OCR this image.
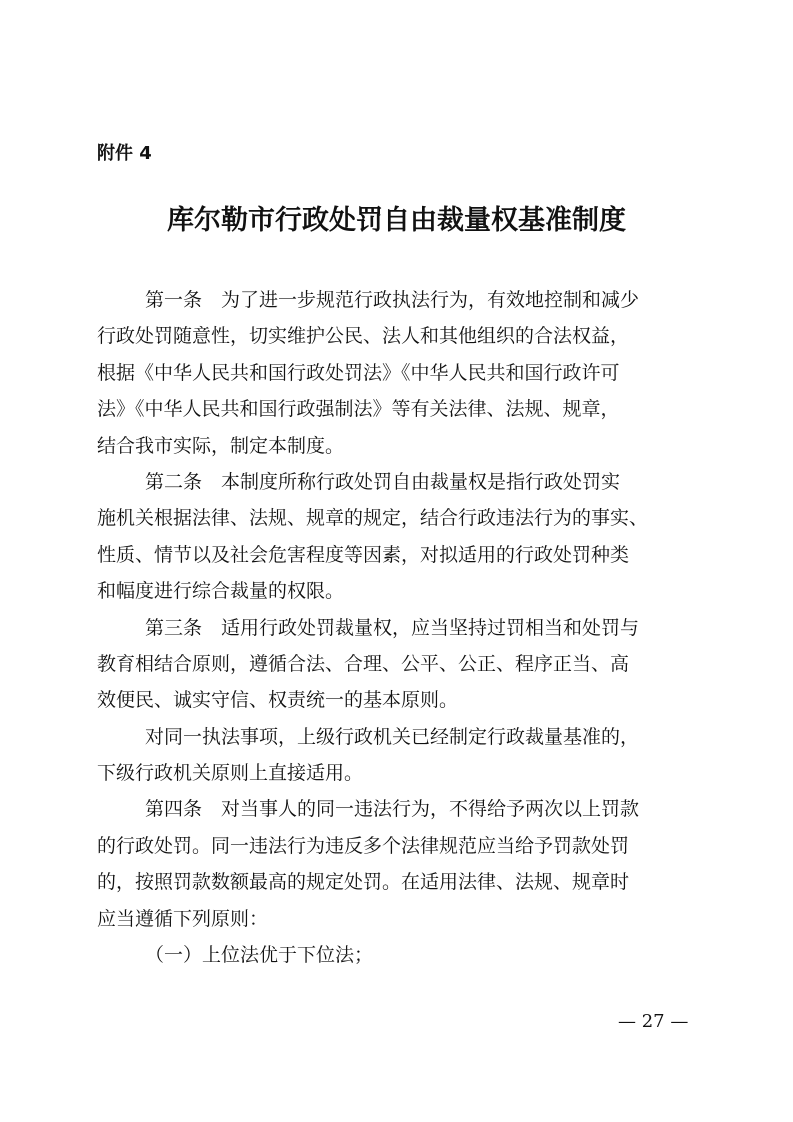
附件 4
库尔勒市行政处罚自由裁量权基准制度
第一条　为了进一步规范行政执法行为，有效地控制和减少
行政处罚随意性，切实维护公民、法人和其他组织的合法权益，
根据《中华人民共和国行政处罚法》《中华人民共和国行政许可
法》《中华人民共和国行政强制法》等有关法律、法规、规章，
结合我市实际，制定本制度。
第二条　本制度所称行政处罚自由裁量权是指行政处罚实
施机关根据法律、法规、规章的规定，结合行政违法行为的事实、
性质、情节以及社会危害程度等因素，对拟适用的行政处罚种类
和幅度进行综合裁量的权限。
第三条　适用行政处罚裁量权，应当坚持过罚相当和处罚与
教育相结合原则，遵循合法、合理、公平、公正、程序正当、高
效便民、诚实守信、权责统一的基本原则。
对同一执法事项，上级行政机关已经制定行政裁量基准的，
下级行政机关原则上直接适用。
第四条　对当事人的同一违法行为，不得给予两次以上罚款
的行政处罚。同一违法行为违反多个法律规范应当给予罚款处罚
的，按照罚款数额最高的规定处罚。在适用法律、法规、规章时
应当遵循下列原则：
（一）上位法优于下位法；
— 27 —
